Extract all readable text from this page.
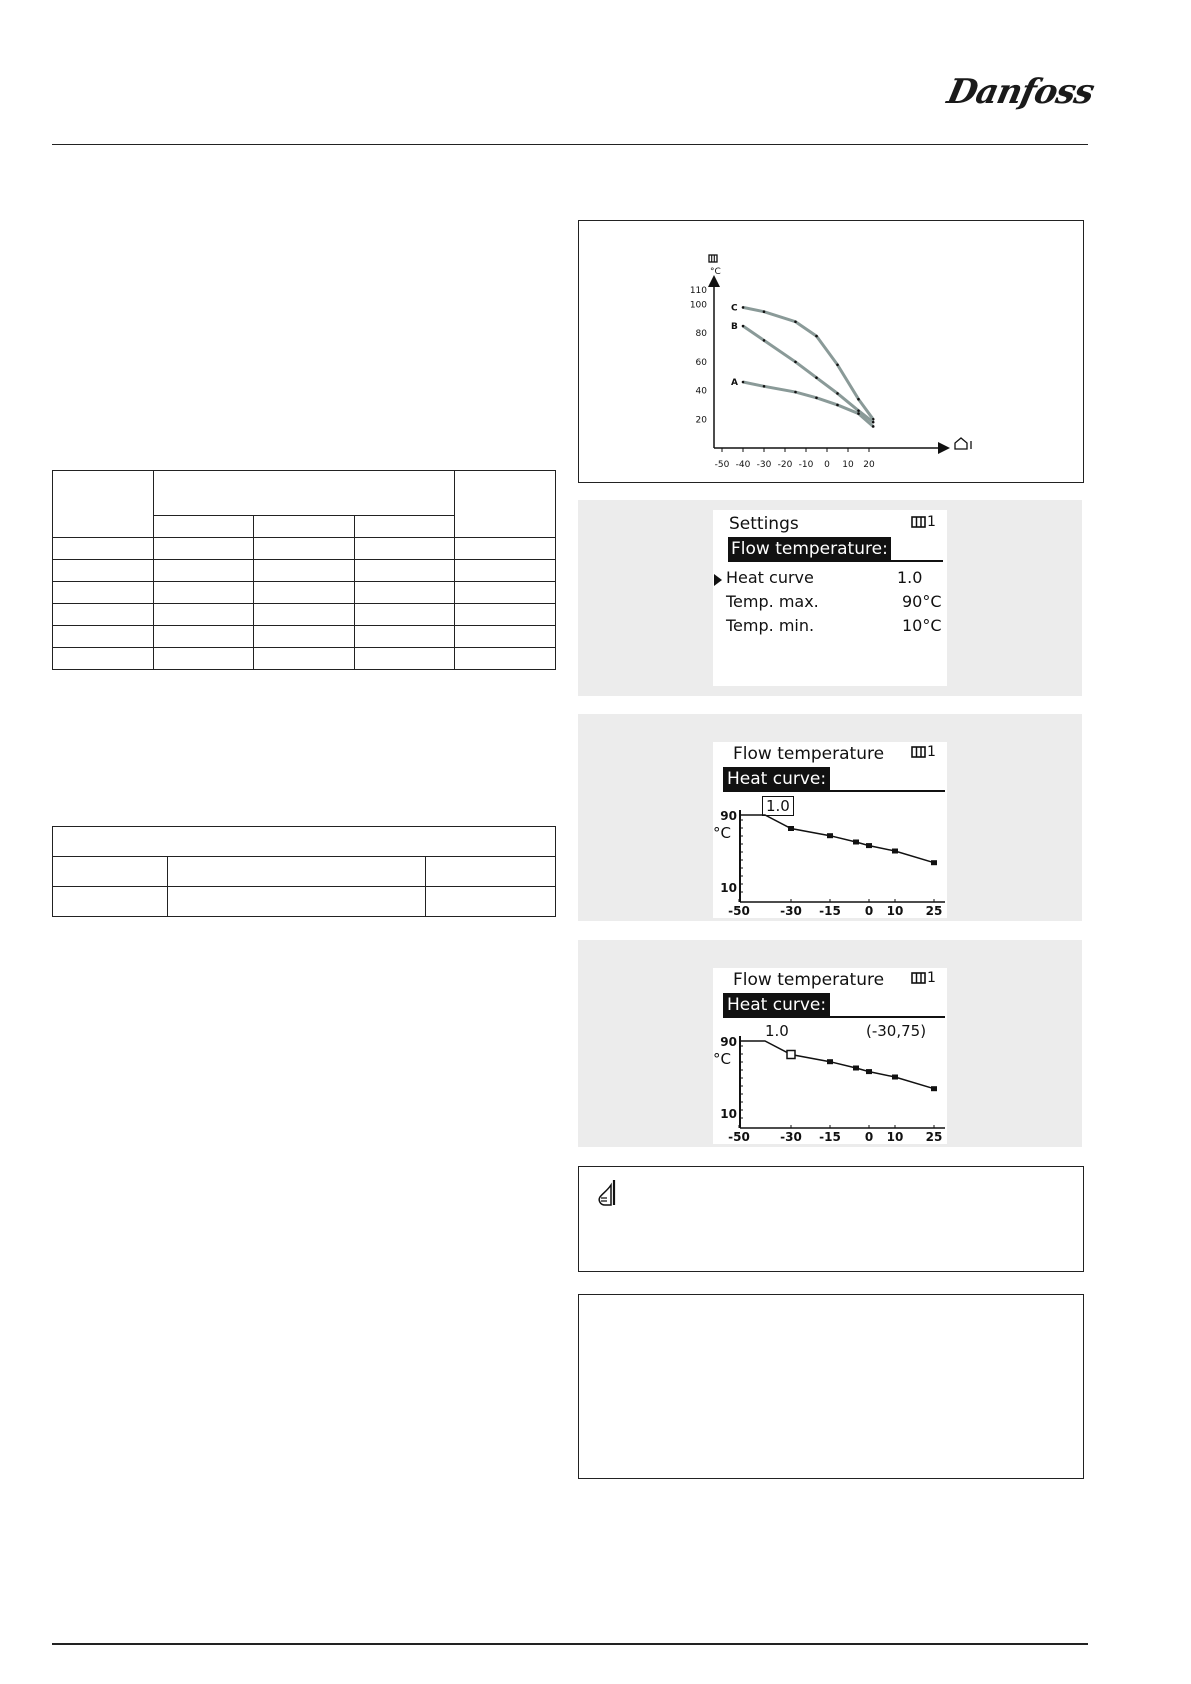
Danfoss

°C
110
100
80
60
40
20
-50 -40 -30 -20 -10 0 10 20
C
B
A
Settings	1
Flow temperature:
Heat curve	1.0
Temp. max.	90°C
Temp. min.	10°C
Flow temperature	1
Heat curve:
1.0
°C
90
10
-50	-30 -15 0 10 25
Flow temperature	1
Heat curve:
1.0	(-30,75)
°C
90
10
-50	-30 -15 0 10 25
